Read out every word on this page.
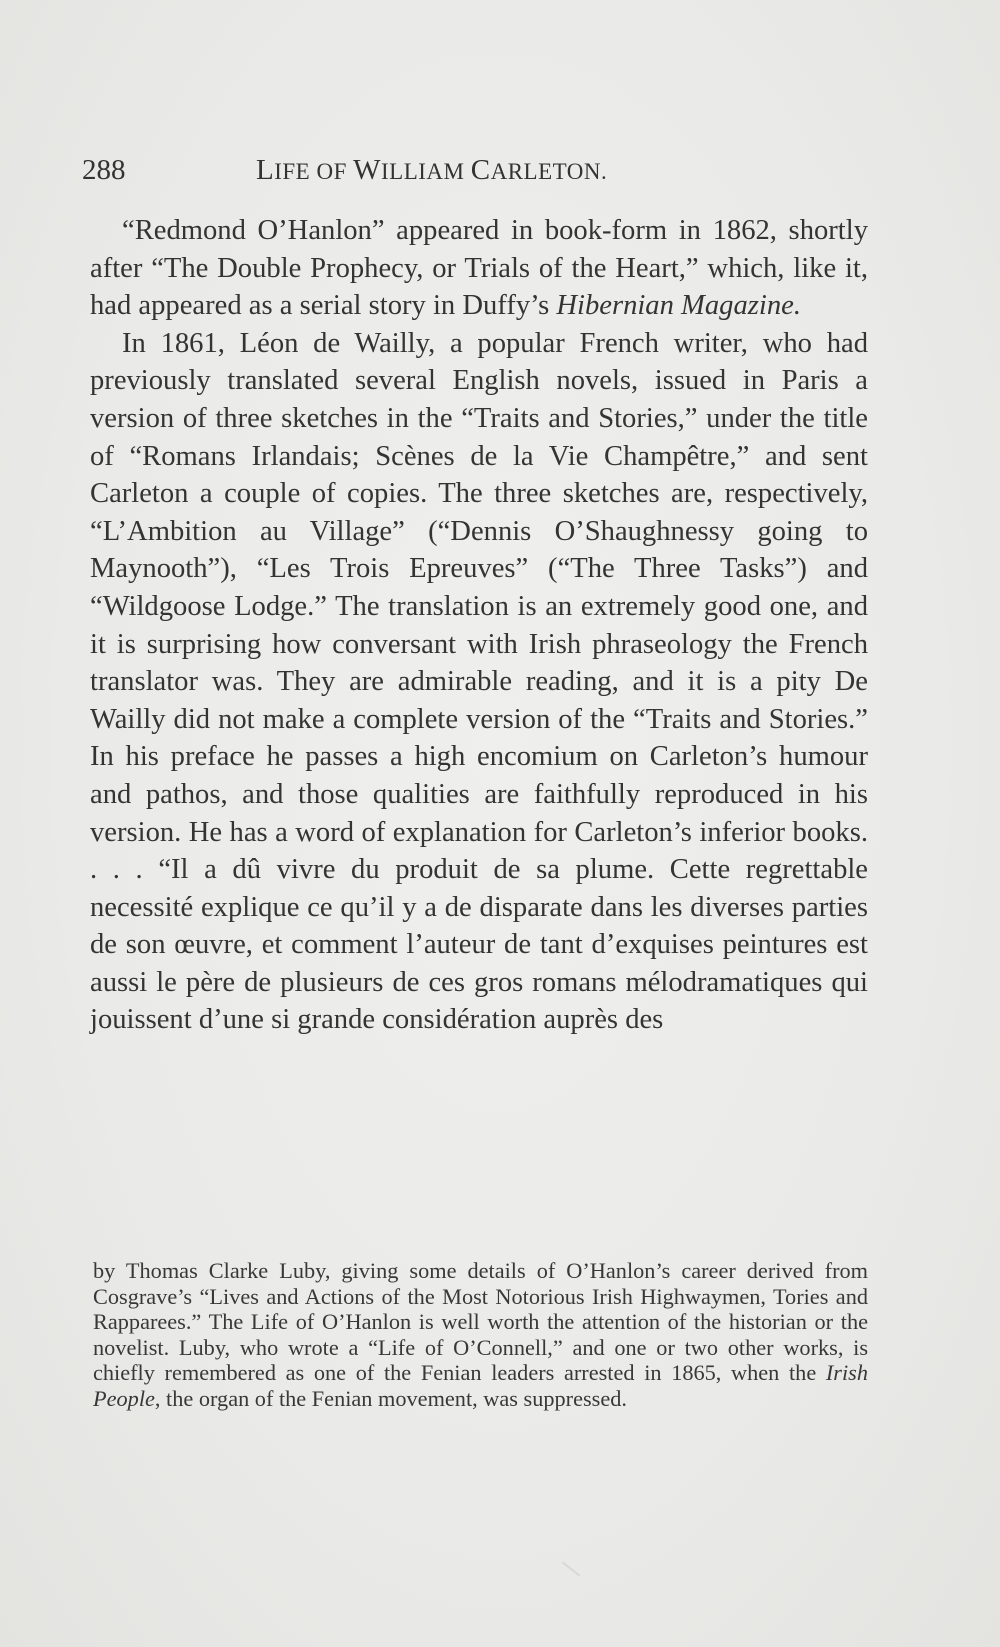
288	LIFE OF WILLIAM CARLETON.

“Redmond O’Hanlon” appeared in book-form in 1862, shortly after “The Double Prophecy, or Trials of the Heart,” which, like it, had appeared as a serial story in Duffy’s Hibernian Magazine.

In 1861, Léon de Wailly, a popular French writer, who had previously translated several English novels, issued in Paris a version of three sketches in the “Traits and Stories,” under the title of “Romans Irlandais; Scènes de la Vie Champêtre,” and sent Carleton a couple of copies. The three sketches are, respectively, “L’Ambition au Village” (“Dennis O’Shaughnessy going to Maynooth”), “Les Trois Epreuves” (“The Three Tasks”) and “Wildgoose Lodge.” The translation is an extremely good one, and it is surprising how conversant with Irish phraseology the French translator was. They are admirable reading, and it is a pity De Wailly did not make a complete version of the “Traits and Stories.” In his preface he passes a high encomium on Carleton’s humour and pathos, and those qualities are faithfully reproduced in his version. He has a word of explanation for Carleton’s inferior books. . . . “Il a dû vivre du produit de sa plume. Cette regrettable necessité explique ce qu’il y a de disparate dans les diverses parties de son œuvre, et comment l’auteur de tant d’exquises peintures est aussi le père de plusieurs de ces gros romans mélodramatiques qui jouissent d’une si grande considération auprès des

by Thomas Clarke Luby, giving some details of O’Hanlon’s career derived from Cosgrave’s “Lives and Actions of the Most Notorious Irish Highwaymen, Tories and Rapparees.” The Life of O’Hanlon is well worth the attention of the historian or the novelist. Luby, who wrote a “Life of O’Connell,” and one or two other works, is chiefly remembered as one of the Fenian leaders arrested in 1865, when the Irish People, the organ of the Fenian movement, was suppressed.
